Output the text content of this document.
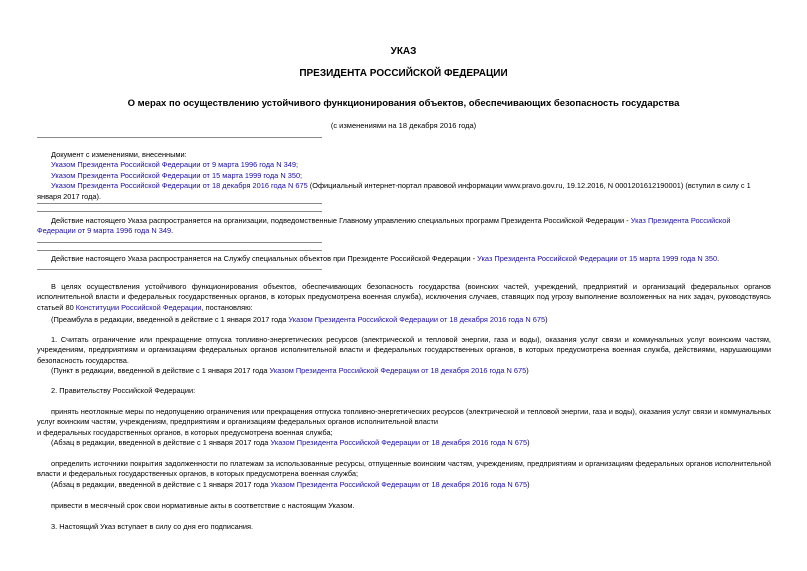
УКАЗ
ПРЕЗИДЕНТА РОССИЙСКОЙ ФЕДЕРАЦИИ
О мерах по осуществлению устойчивого функционирования объектов, обеспечивающих безопасность государства
(с изменениями на 18 декабря 2016 года)

Документ с изменениями, внесенными:

Указом Президента Российской Федерации от 9 марта 1996 года N 349;

Указом Президента Российской Федерации от 15 марта 1999 года N 350;

Указом Президента Российской Федерации от 18 декабря 2016 года N 675 (Официальный интернет-портал правовой информации www.pravo.gov.ru, 19.12.2016, N 0001201612190001) (вступил в силу с 1 января 2017 года).

Действие настоящего Указа распространяется на организации, подведомственные Главному управлению специальных программ Президента Российской Федерации - Указ Президента Российской Федерации от 9 марта 1996 года N 349.
Действие настоящего Указа распространяется на Службу специальных объектов при Президенте Российской Федерации - Указ Президента Российской Федерации от 15 марта 1999 года N 350.
В целях осуществления устойчивого функционирования объектов, обеспечивающих безопасность государства (воинских частей, учреждений, предприятий и организаций федеральных органов исполнительной власти и федеральных государственных органов, в которых предусмотрена военная служба), исключения случаев, ставящих под угрозу выполнение возложенных на них задач, руководствуясь статьей 80 Конституции Российской Федерации, постановляю:
(Преамбула в редакции, введенной в действие с 1 января 2017 года Указом Президента Российской Федерации от 18 декабря 2016 года N 675)
1. Считать ограничение или прекращение отпуска топливно-энергетических ресурсов (электрической и тепловой энергии, газа и воды), оказания услуг связи и коммунальных услуг воинским частям, учреждениям, предприятиям и организациям федеральных органов исполнительной власти и федеральных государственных органов, в которых предусмотрена военная служба, действиями, нарушающими безопасность государства.
(Пункт в редакции, введенной в действие с 1 января 2017 года Указом Президента Российской Федерации от 18 декабря 2016 года N 675)
2. Правительству Российской Федерации:

принять неотложные меры по недопущению ограничения или прекращения отпуска топливно-энергетических ресурсов (электрической и тепловой энергии, газа и воды), оказания услуг связи и коммунальных услуг воинским частям, учреждениям, предприятиям и организациям федеральных органов исполнительной власти

и федеральных государственных органов, в которых предусмотрена военная служба;
(Абзац в редакции, введенной в действие с 1 января 2017 года Указом Президента Российской Федерации от 18 декабря 2016 года N 675)
определить источники покрытия задолженности по платежам за использованные ресурсы, отпущенные воинским частям, учреждениям, предприятиям и организациям федеральных органов исполнительной власти и федеральных государственных органов, в которых предусмотрена военная служба;
(Абзац в редакции, введенной в действие с 1 января 2017 года Указом Президента Российской Федерации от 18 декабря 2016 года N 675)
привести в месячный срок свои нормативные акты в соответствие с настоящим Указом.
3. Настоящий Указ вступает в силу со дня его подписания.
